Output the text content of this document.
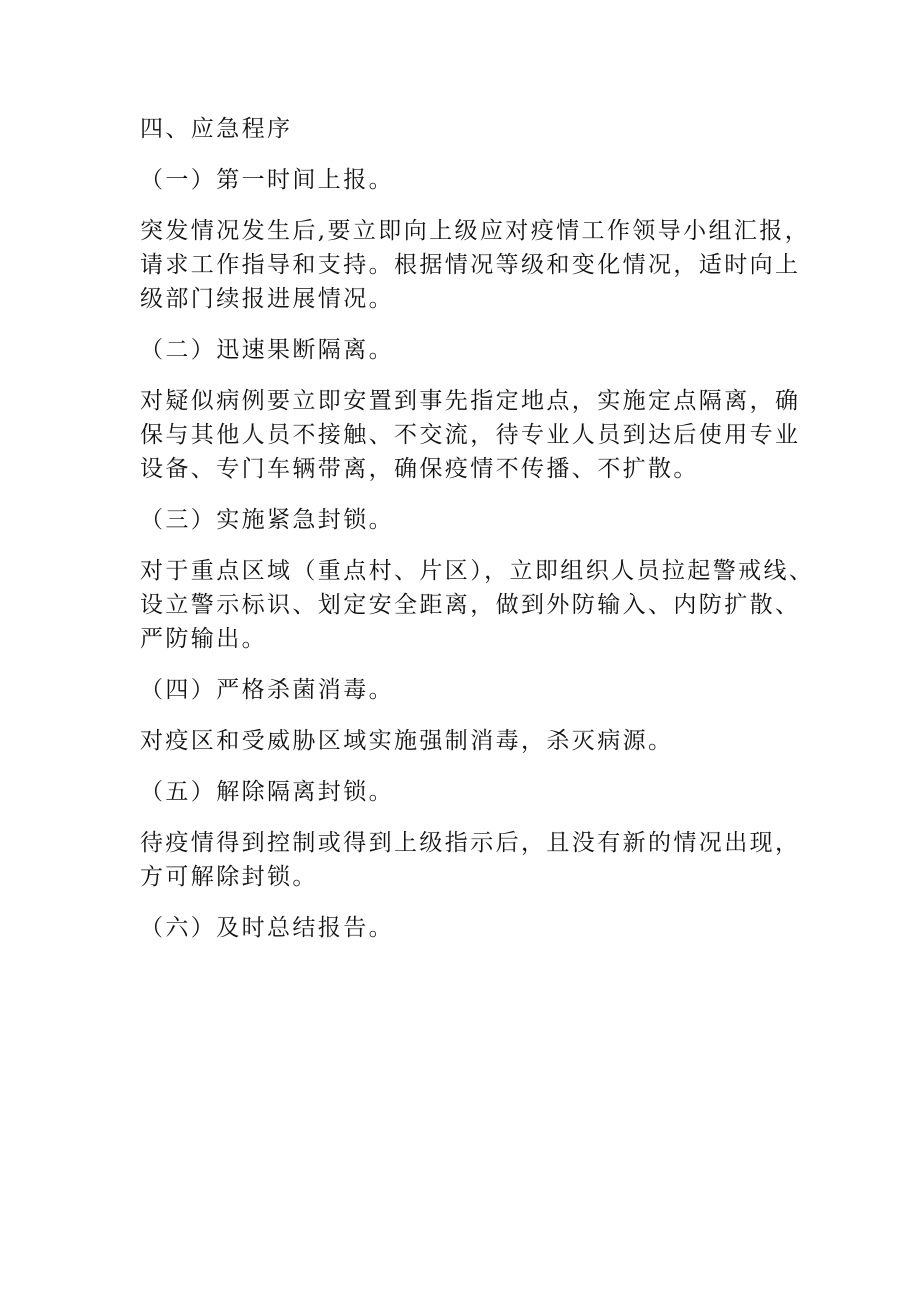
四、应急程序

（一）第一时间上报。

突发情况发生后,要立即向上级应对疫情工作领导小组汇报，
请求工作指导和支持。根据情况等级和变化情况，适时向上
级部门续报进展情况。

（二）迅速果断隔离。

对疑似病例要立即安置到事先指定地点，实施定点隔离，确
保与其他人员不接触、不交流，待专业人员到达后使用专业
设备、专门车辆带离，确保疫情不传播、不扩散。

（三）实施紧急封锁。

对于重点区域（重点村、片区），立即组织人员拉起警戒线、
设立警示标识、划定安全距离，做到外防输入、内防扩散、
严防输出。

（四）严格杀菌消毒。

对疫区和受威胁区域实施强制消毒，杀灭病源。

（五）解除隔离封锁。

待疫情得到控制或得到上级指示后，且没有新的情况出现，
方可解除封锁。

（六）及时总结报告。
